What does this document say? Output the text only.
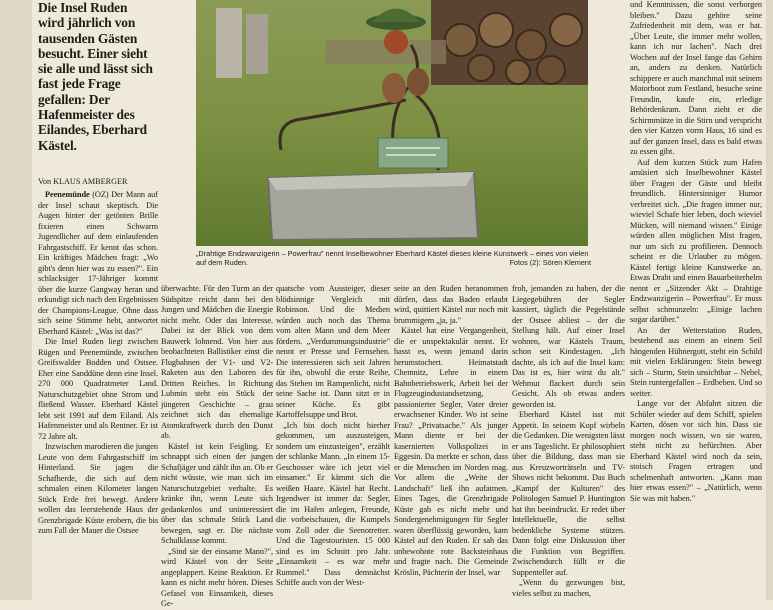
Die Insel Ruden wird jährlich von tausenden Gästen besucht. Einer sieht sie alle und lässt sich fast jede Frage gefallen: Der Hafenmeister des Eilandes, Eberhard Kästel.

Von KLAUS AMBERGER

Peenemünde (OZ) Der Mann auf der Insel schaut skeptisch. Die Augen hinter der getönten Brille fixieren einen Schwarm Jugendlicher auf dem einlaufenden Fahrgastschiff. Er kennt das schon. Ein kräftiges Mädchen fragt: „Wo gibt's denn hier was zu essen?". Ein schlacksiger 17-Jähriger kommt über die kurze Gangway heran und erkundigt sich nach den Ergebnissen der Champions-League. Ohne dass sich seine Stimme hebt, antwortet Eberhard Kästel: „Was ist das?"

Die Insel Ruden liegt zwischen Rügen und Peenemünde, zwischen Greifswalder Bodden und Ostsee. Eher eine Sanddüne denn eine Insel. 270 000 Quadratmeter Land. Naturschutzgebiet ohne Strom und fließend Wasser. Eberhard Kästel lebt seit 1991 auf dem Eiland. Als Hafenmeister und als Rentner. Er ist 72 Jahre alt.

Inzwischen marodieren die jungen Leute von dem Fahrgastschiff im Hinterland. Sie jagen die Schafherde, die sich auf dem schmalen einen Kilometer langen Stück Erde frei bewegt. Andere wollen das leerstehende Haus der Grenzbrigade Küste erobern, die bis zum Fall der Mauer die Ostsee

„Drahtige Endzwanzigerin – Powerfrau" nennt Inselbewohner Eberhard Kästel dieses kleine Kunstwerk – eines von vielen auf dem Ruden.	Fotos (2): Sören Klement

überwachte. Für den Turm an der Südspitze reicht dann bei den Jungen und Mädchen die Energie nicht mehr. Oder das Interesse. Dabei ist der Blick von dem Bauwerk lohnend. Von hier aus beobachteten Ballistiker einst die Flugbahnen der V1- und V2-Raketen aus den Laboren des Dritten Reiches. In Richtung Lubmin steht ein Stück der jüngeren Geschichte – grau zeichnet sich das ehemalige Atomkraftwerk durch den Dunst ab.

Kästel ist kein Feigling. Er schnappt sich einen der jungen Schafjäger und zählt ihn an. Ob er nicht wüsste, wie man sich im Naturschutzgebiet verhalte. Es kränke ihn, wenn Leute sich gedankenlos und uninteressiert über das schmale Stück Land bewegen, sagt er. Die nächste Schulklasse kommt.

„Sind sie der einsame Mann?", wird Kästel von der Seite angeplappert. Keine Reaktion. Er kann es nicht mehr hören. Dieses Gefasel von Einsamkeit, dieses Ge-

quatsche vom Aussteiger, dieser blödsinnige Vergleich mit Robinson. Und die Medien würden auch noch das Thema vom alten Mann und dem Meer fördern. „Verdummungsindustrie" nennt er Presse und Fernsehen. Die interessieren sich seit Jahren für ihn, obwohl die erste Reihe, das Stehen im Rampenlicht, nicht seine Sache ist. Dann sitzt er in seiner Küche. Es gibt Kartoffelsuppe und Brot.

„Ich bin doch nicht hierher gekommen, um auszusteigen, sondern um einzusteigen", erzählt der schlanke Mann. „In einem 15-Geschosser wäre ich jetzt viel einsamer." Er kämmt sich die weißen Haare. Kästel hat Recht. Irgendwer ist immer da: Segler, die im Hafen anlegen, Freunde, die vorbeischauen, die Kumpels vom Zoll oder die Seenotretter. Und die Tagestouristen. 15 000 sind es im Schnitt pro Jahr. „Einsamkeit – es war mehr Rummel." Dass demnächst Schiffe auch von der West-

seite an den Ruden heranommen dürfen, dass das Baden erlaubt wird, quittiert Kästel nur noch mit brummigem „ja, ja."

Kästel hat eine Vergangenheit, die er unspektakulär nennt. Er hasst es, wenn jemand darin herumstochert. Heimatstadt Chemnitz, Lehre in einem Bahnbetriebswerk, Arbeit bei der Flugzeugindustandsetzung, passionierter Segler, Vater dreier erwachsener Kinder. Wo ist seine Frau? „Privatsache." Als junger Mann diente er bei der kasernierten Volkspolizei in Eggesin. Da merkte er schon, dass er die Menschen im Norden mag. Vor allem die „Weite der Landschaft" ließ ihn aufatmen. Eines Tages, die Grenzbrigade Küste gab es nicht mehr und Sondergenehmigungen für Segler waren überflüssig geworden, kam Kästel auf den Ruden. Er sah das unbewohnte rote Backsteinhaus und fragte nach. Die Gemeinde Kröslin, Pächterin der Insel, war

froh, jemanden zu haben, der die Liegegebühren der Segler kassiert, täglich die Pegelstände der Ostsee abliest – der die Stellung hält. Auf einer Insel wohnen, war Kästels Traum, schon seit Kindestagen. „Ich dachte, als ich auf die Insel kam: Das ist es, hier wirst du alt." Wehmut flackert durch sein Gesicht. Als ob etwas anders geworden ist.

Eberhard Kästel isst mit Appetit. In seinem Kopf wirbeln die Gedanken. Die wenigsten lässt er ans Tageslicht. Er philosophiert über die Bildung, dass man sie aus Kreuzworträtseln und TV-Shows nicht bekommt. Das Buch „Kampf der Kulturen" des Politologen Samuel P. Huntington hat ihn beeindruckt. Er redet über Intellektuelle, die selbst bedenkliche Systeme stützen. Dann folgt eine Diskussion über die Funktion von Begriffen. Zwischendurch füllt er die Suppenteller auf.

„Wenn du gezwungen bist, vieles selbst zu machen,

und Kenntnissen, die sonst verborgen bleiben." Dazu gehöre seine Zufriedenheit mit dem, was er hat. „Über Leute, die immer mehr wollen, kann ich nur lachen". Nach drei Wochen auf der Insel fange das Gehirn an, anders zu denken. Natürlich schippere er auch manchmal mit seinem Motorboot zum Festland, besuche seine Freundin, kaufe ein, erledige Behördenkram. Dann zieht er die Schirmmütze in die Stirn und verspricht den vier Katzen vorm Haus, 16 sind es auf der ganzen Insel, dass es bald etwas zu essen gibt.

Auf dem kurzen Stück zum Hafen amüsiert sich Inselbewohner Kästel über Fragen der Gäste und bleibt freundlich. Hintersinniger Humor verbreitet sich. „Die fragen immer nur, wieviel Schafe hier leben, doch wieviel Mücken, will niemand wissen." Einige würden allen möglichen Mist fragen, nur um sich zu profilieren. Dennoch scheint er die Urlauber zu mögen. Kästel fertigt kleine Kunstwerke an. Etwas Draht und einen Bauarbeiterhelm nennt er „Sitzender Akt – Drahtige Endzwanzigerin – Powerfrau". Er muss selbst schmunzeln: „Einige lachen sogar darüber."

An der Wetterstation Ruden, bestehend aus einem an einem Seil hängenden Hühnergott, steht ein Schild mit vielen Erklärungen: Stein bewegt sich – Sturm, Stein unsichtbar – Nebel, Stein runtergefallen – Erdbeben. Und so weiter.

Lange vor der Abfahrt sitzen die Schüler wieder auf dem Schiff, spielen Karten, dösen vor sich hin. Dass sie morgen noch wissen, wo sie waren, steht nicht zu befürchten. Aber Eberhard Kästel wird noch da sein, stoisch Fragen ertragen und schelmenhaft antworten. „Kann man hier etwas essen?" – „Natürlich, wenn Sie was mit haben."
